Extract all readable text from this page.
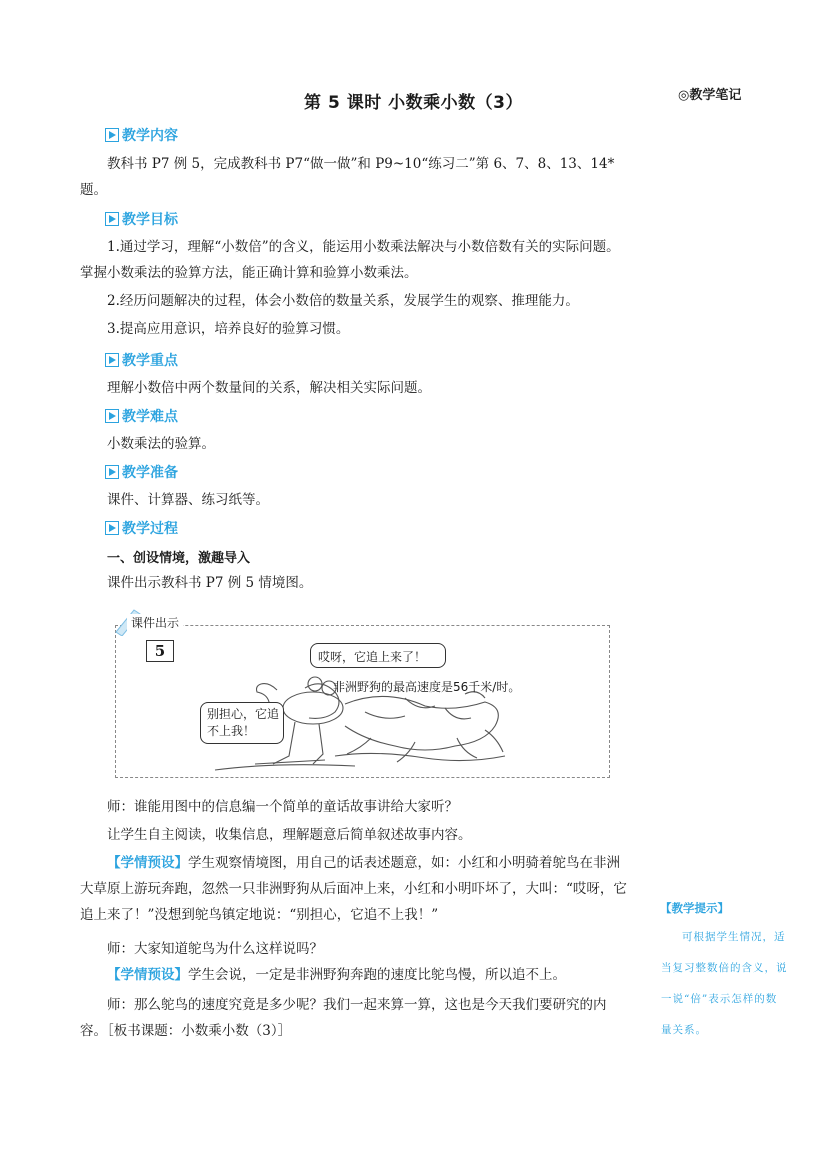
第 5 课时 小数乘小数（3）	◎教学笔记
教学内容
教科书 P7 例 5，完成教科书 P7“做一做”和 P9~10“练习二”第 6、7、8、13、14*题。
教学目标
1.通过学习，理解“小数倍”的含义，能运用小数乘法解决与小数倍数有关的实际问题。掌握小数乘法的验算方法，能正确计算和验算小数乘法。
2.经历问题解决的过程，体会小数倍的数量关系，发展学生的观察、推理能力。
3.提高应用意识，培养良好的验算习惯。
教学重点
理解小数倍中两个数量间的关系，解决相关实际问题。
教学难点
小数乘法的验算。
教学准备
课件、计算器、练习纸等。
教学过程
一、创设情境，激趣导入
课件出示教科书 P7 例 5 情境图。
课件出示
5	哎呀，它追上来了！
非洲野狗的最高速度是56千米/时。
别担心，它追不上我！
师：谁能用图中的信息编一个简单的童话故事讲给大家听？
让学生自主阅读，收集信息，理解题意后简单叙述故事内容。
【学情预设】学生观察情境图，用自己的话表述题意，如：小红和小明骑着鸵鸟在非洲大草原上游玩奔跑，忽然一只非洲野狗从后面冲上来，小红和小明吓坏了，大叫：“哎呀，它追上来了！”没想到鸵鸟镇定地说：“别担心，它追不上我！”
师：大家知道鸵鸟为什么这样说吗？
【学情预设】学生会说，一定是非洲野狗奔跑的速度比鸵鸟慢，所以追不上。
师：那么鸵鸟的速度究竟是多少呢？我们一起来算一算，这也是今天我们要研究的内容。［板书课题：小数乘小数（3）］
【教学提示】
可根据学生情况，适当复习整数倍的含义，说一说“倍”表示怎样的数量关系。
